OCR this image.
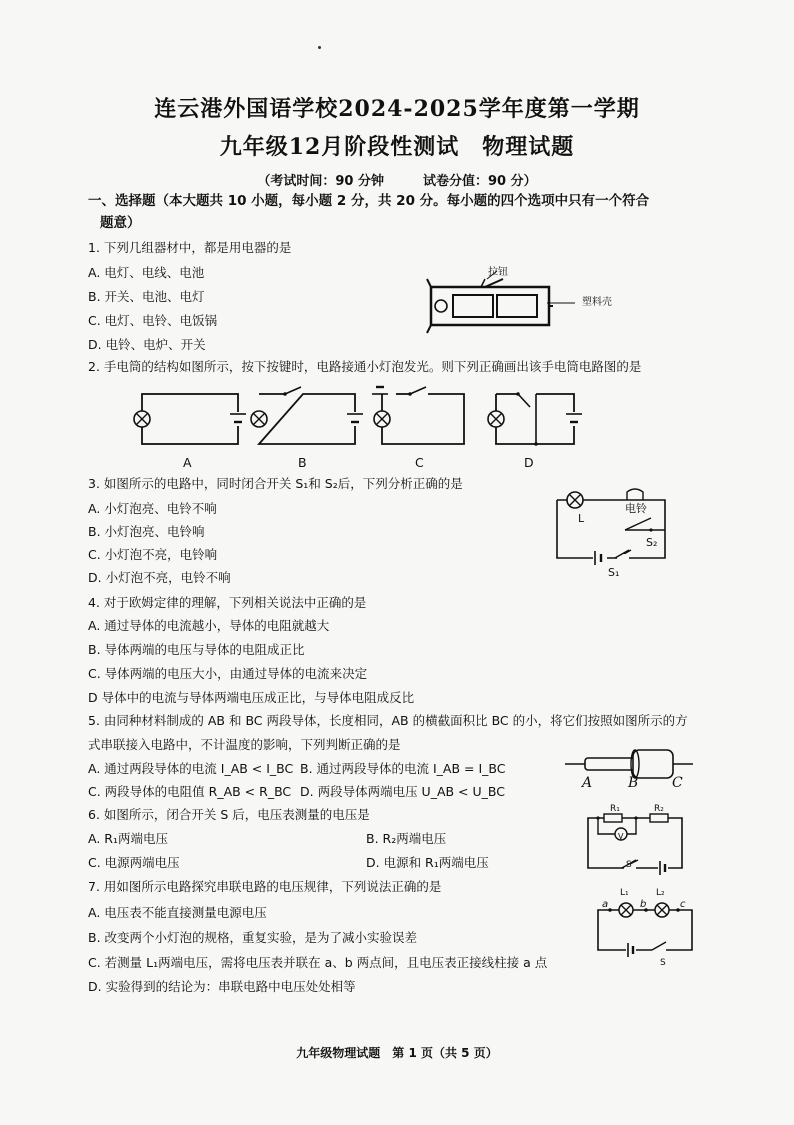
连云港外国语学校2024-2025学年度第一学期
九年级12月阶段性测试　物理试题
（考试时间：90 分钟　　　试卷分值：90 分）
一、选择题（本大题共 10 小题，每小题 2 分，共 20 分。每小题的四个选项中只有一个符合
题意）
1. 下列几组器材中，都是用电器的是
A. 电灯、电线、电池
B. 开关、电池、电灯
C. 电灯、电铃、电饭锅
D. 电铃、电炉、开关
拉钮
塑料壳
2. 手电筒的结构如图所示，按下按键时，电路接通小灯泡发光。则下列正确画出该手电筒电路图的是
A	B	C	D
3. 如图所示的电路中，同时闭合开关 S₁和 S₂后，下列分析正确的是
A. 小灯泡亮、电铃不响
B. 小灯泡亮、电铃响
C. 小灯泡不亮，电铃响
D. 小灯泡不亮，电铃不响
L
电铃
S₂
S₁
4. 对于欧姆定律的理解，下列相关说法中正确的是
A. 通过导体的电流越小，导体的电阻就越大
B. 导体两端的电压与导体的电阻成正比
C. 导体两端的电压大小，由通过导体的电流来决定
D 导体中的电流与导体两端电压成正比，与导体电阻成反比
5. 由同种材料制成的 AB 和 BC 两段导体，长度相同，AB 的横截面积比 BC 的小，将它们按照如图所示的方
式串联接入电路中，不计温度的影响，下列判断正确的是
A. 通过两段导体的电流 I_AB < I_BC B. 通过两段导体的电流 I_AB = I_BC
C. 两段导体的电阻值 R_AB < R_BC D. 两段导体两端电压 U_AB < U_BC
A	B C
6. 如图所示，闭合开关 S 后，电压表测量的电压是
A. R₁两端电压	B. R₂两端电压
C. 电源两端电压	D. 电源和 R₁两端电压
R₁	R₂
V
S
7. 用如图所示电路探究串联电路的电压规律，下列说法正确的是
A. 电压表不能直接测量电源电压
B. 改变两个小灯泡的规格，重复实验，是为了减小实验误差
C. 若测量 L₁两端电压，需将电压表并联在 a、b 两点间，且电压表正接线柱接 a 点
D. 实验得到的结论为：串联电路中电压处处相等
a	b	c
L₁	L₂
S
九年级物理试题　第 1 页（共 5 页）
